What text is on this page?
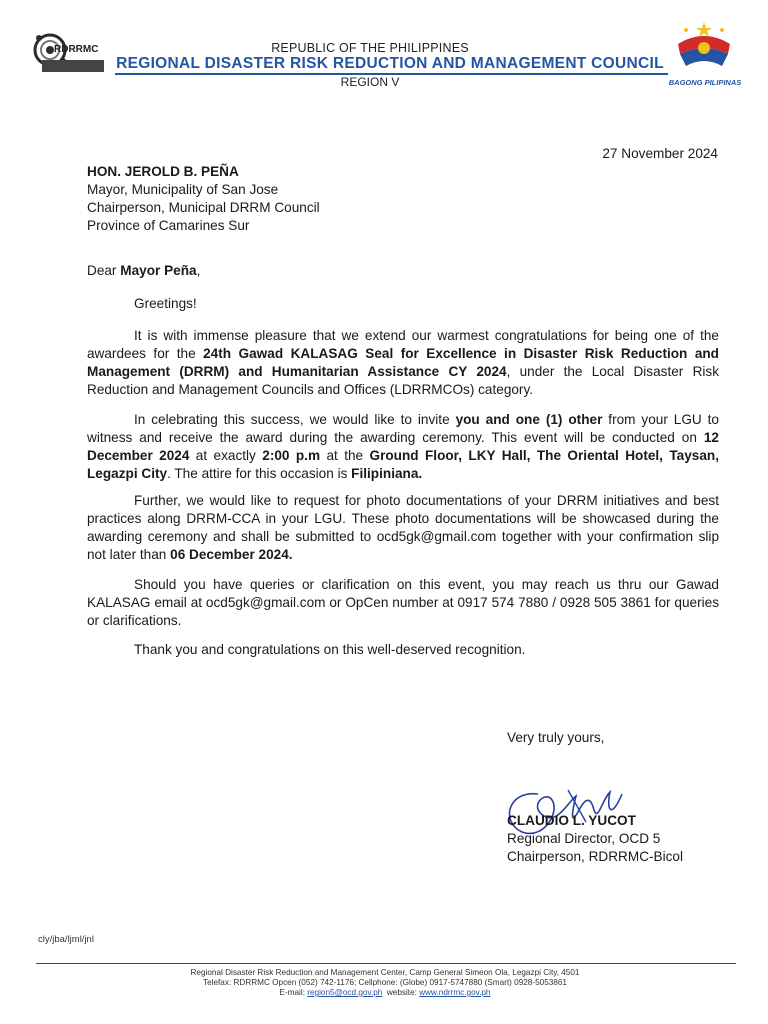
RDRRMC	REPUBLIC OF THE PHILIPPINES
REGIONAL DISASTER RISK REDUCTION AND MANAGEMENT COUNCIL
REGION V	BAGONG PILIPINAS
27 November 2024
HON. JEROLD B. PEÑA
Mayor, Municipality of San Jose
Chairperson, Municipal DRRM Council
Province of Camarines Sur
Dear Mayor Peña,
Greetings!
It is with immense pleasure that we extend our warmest congratulations for being one of the awardees for the 24th Gawad KALASAG Seal for Excellence in Disaster Risk Reduction and Management (DRRM) and Humanitarian Assistance CY 2024, under the Local Disaster Risk Reduction and Management Councils and Offices (LDRRMCOs) category.
In celebrating this success, we would like to invite you and one (1) other from your LGU to witness and receive the award during the awarding ceremony. This event will be conducted on 12 December 2024 at exactly 2:00 p.m at the Ground Floor, LKY Hall, The Oriental Hotel, Taysan, Legazpi City. The attire for this occasion is Filipiniana.
Further, we would like to request for photo documentations of your DRRM initiatives and best practices along DRRM-CCA in your LGU. These photo documentations will be showcased during the awarding ceremony and shall be submitted to ocd5gk@gmail.com together with your confirmation slip not later than 06 December 2024.
Should you have queries or clarification on this event, you may reach us thru our Gawad KALASAG email at ocd5gk@gmail.com or OpCen number at 0917 574 7880 / 0928 505 3861 for queries or clarifications.
Thank you and congratulations on this well-deserved recognition.
Very truly yours,
CLAUDIO L. YUCOT
Regional Director, OCD 5
Chairperson, RDRRMC-Bicol
cly/jba/ljml/jnl
Regional Disaster Risk Reduction and Management Center, Camp General Simeon Ola, Legazpi City, 4501
Telefax: RDRRMC Opcen (052) 742-1176; Cellphone: (Globe) 0917-5747880 (Smart) 0928-5053861
E-mail: region5@ocd.gov.ph  website: www.ndrrmc.gov.ph
